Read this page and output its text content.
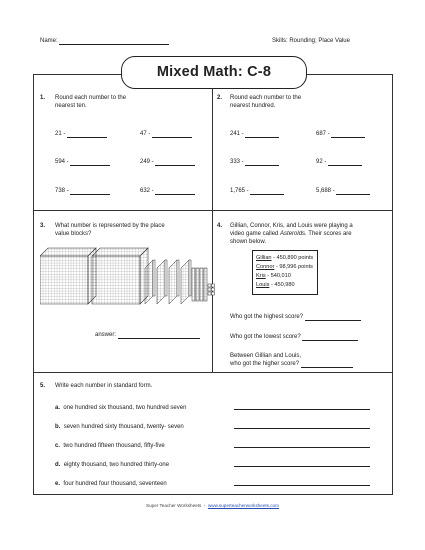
Name:	Skills: Rounding; Place Value
Mixed Math: C-8
1. Round each number to the
nearest ten.
21 -	47 -
594 -	249 -
738 -	632 -
2. Round each number to the
nearest hundred.
241 -	687 -
333 -	92 -
1,765 -	5,688 -
3. What number is represented by the place
value blocks?
answer:
4. Gillian, Connor, Kris, and Louis were playing a
video game called Asterolds. Their scores are
shown below.
Gillian - 450,890 points
Connor - 98,996 points
Kris - 540,010
Louis - 450,980
Who got the highest score?
Who got the lowest score?
Between Gillian and Louis,
who got the higher score?
5. Write each number in standard form.
a. one hundred six thousand, two hundred seven
b. seven hundred sixty thousand, twenty- seven
c. two hundred fifteen thousand, fifty-five
d. eighty thousand, two hundred thirty-one
e. four hundred four thousand, seventeen
Super Teacher Worksheets - www.superteacherworksheets.com
